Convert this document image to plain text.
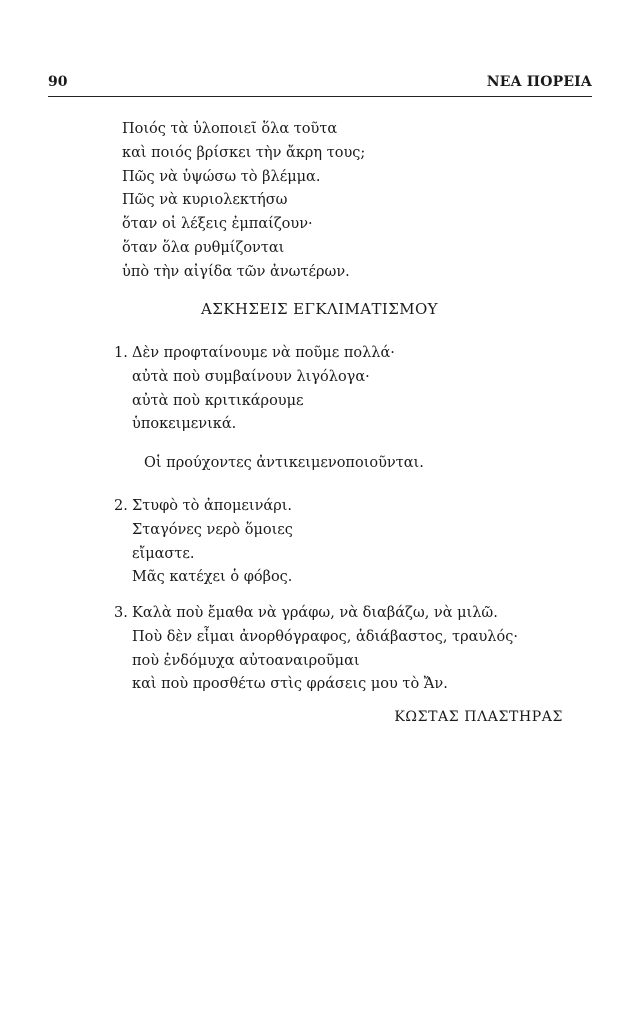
90	ΝΕΑ ΠΟΡΕΙΑ
Ποιός τὰ ὑλοποιεῖ ὅλα τοῦτα
καὶ ποιός βρίσκει τὴν ἄκρη τους;
Πῶς νὰ ὑψώσω τὸ βλέμμα.
Πῶς νὰ κυριολεκτήσω
ὅταν οἱ λέξεις ἐμπαίζουν·
ὅταν ὅλα ρυθμίζονται
ὑπὸ τὴν αἰγίδα τῶν ἀνωτέρων.
ΑΣΚΗΣΕΙΣ ΕΓΚΛΙΜΑΤΙΣΜΟΥ
1. Δὲν προφταίνουμε νὰ ποῦμε πολλά·
αὐτὰ ποὺ συμβαίνουν λιγόλογα·
αὐτὰ ποὺ κριτικάρουμε
ὑποκειμενικά.
Οἱ προύχοντες ἀντικειμενοποιοῦνται.
2. Στυφὸ τὸ ἀπομεινάρι.
Σταγόνες νερὸ ὅμοιες
εἴμαστε.
Μᾶς κατέχει ὁ φόβος.
3. Καλὰ ποὺ ἔμαθα νὰ γράφω, νὰ διαβάζω, νὰ μιλῶ.
Ποὺ δὲν εἶμαι ἀνορθόγραφος, ἀδιάβαστος, τραυλός·
ποὺ ἐνδόμυχα αὐτοαναιροῦμαι
καὶ ποὺ προσθέτω στὶς φράσεις μου τὸ Ἄν.
ΚΩΣΤΑΣ ΠΛΑΣΤΗΡΑΣ
